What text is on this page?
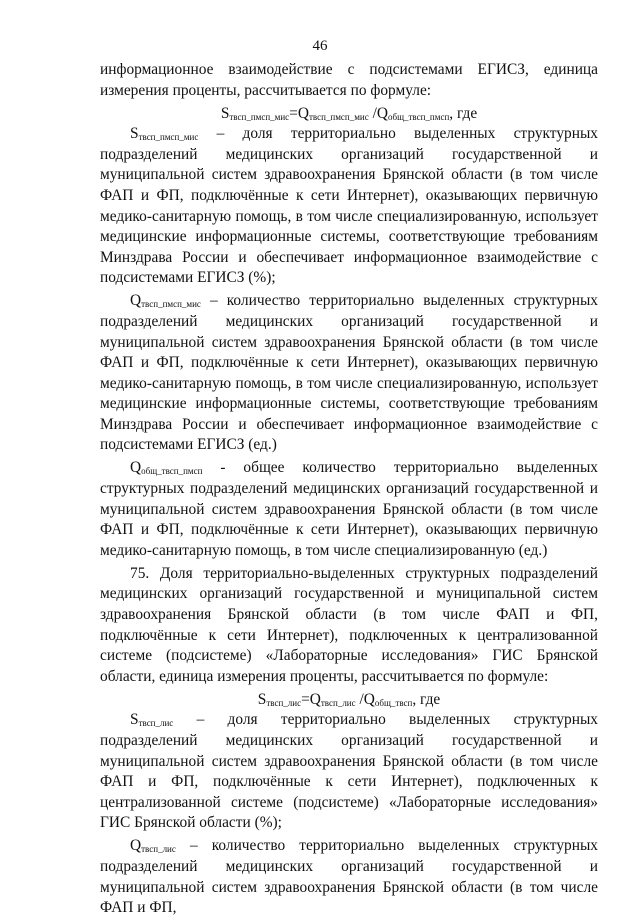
46

информационное взаимодействие с подсистемами ЕГИСЗ, единица измерения проценты, рассчитывается по формуле:

$S_{твсп\_пмсп\_мис}=Q_{твсп\_пмсп\_мис}$ $/Q_{общ\_твсп\_пмсп}$, где

$S_{твсп\_пмсп\_мис}$ – доля территориально выделенных структурных подразделений медицинских организаций государственной и муниципальной систем здравоохранения Брянской области (в том числе ФАП и ФП, подключённые к сети Интернет), оказывающих первичную медико-санитарную помощь, в том числе специализированную, использует медицинские информационные системы, соответствующие требованиям Минздрава России и обеспечивает информационное взаимодействие с подсистемами ЕГИСЗ (%);

$Q_{твсп\_пмсп\_мис}$ – количество территориально выделенных структурных подразделений медицинских организаций государственной и муниципальной систем здравоохранения Брянской области (в том числе ФАП и ФП, подключённые к сети Интернет), оказывающих первичную медико-санитарную помощь, в том числе специализированную, использует медицинские информационные системы, соответствующие требованиям Минздрава России и обеспечивает информационное взаимодействие с подсистемами ЕГИСЗ (ед.)

$Q_{общ\_твсп\_пмсп}$ - общее количество территориально выделенных структурных подразделений медицинских организаций государственной и муниципальной систем здравоохранения Брянской области (в том числе ФАП и ФП, подключённые к сети Интернет), оказывающих первичную медико-санитарную помощь, в том числе специализированную (ед.)

75. Доля территориально-выделенных структурных подразделений медицинских организаций государственной и муниципальной систем здравоохранения Брянской области (в том числе ФАП и ФП, подключённые к сети Интернет), подключенных к централизованной системе (подсистеме) «Лабораторные исследования» ГИС Брянской области, единица измерения проценты, рассчитывается по формуле:

$S_{твсп\_лис}=Q_{твсп\_лис}$ $/Q_{общ\_твсп}$, где

$S_{твсп\_лис}$ – доля территориально выделенных структурных подразделений медицинских организаций государственной и муниципальной систем здравоохранения Брянской области (в том числе ФАП и ФП, подключённые к сети Интернет), подключенных к централизованной системе (подсистеме) «Лабораторные исследования» ГИС Брянской области (%);

$Q_{твсп\_лис}$ – количество территориально выделенных структурных подразделений медицинских организаций государственной и муниципальной систем здравоохранения Брянской области (в том числе ФАП и ФП,
